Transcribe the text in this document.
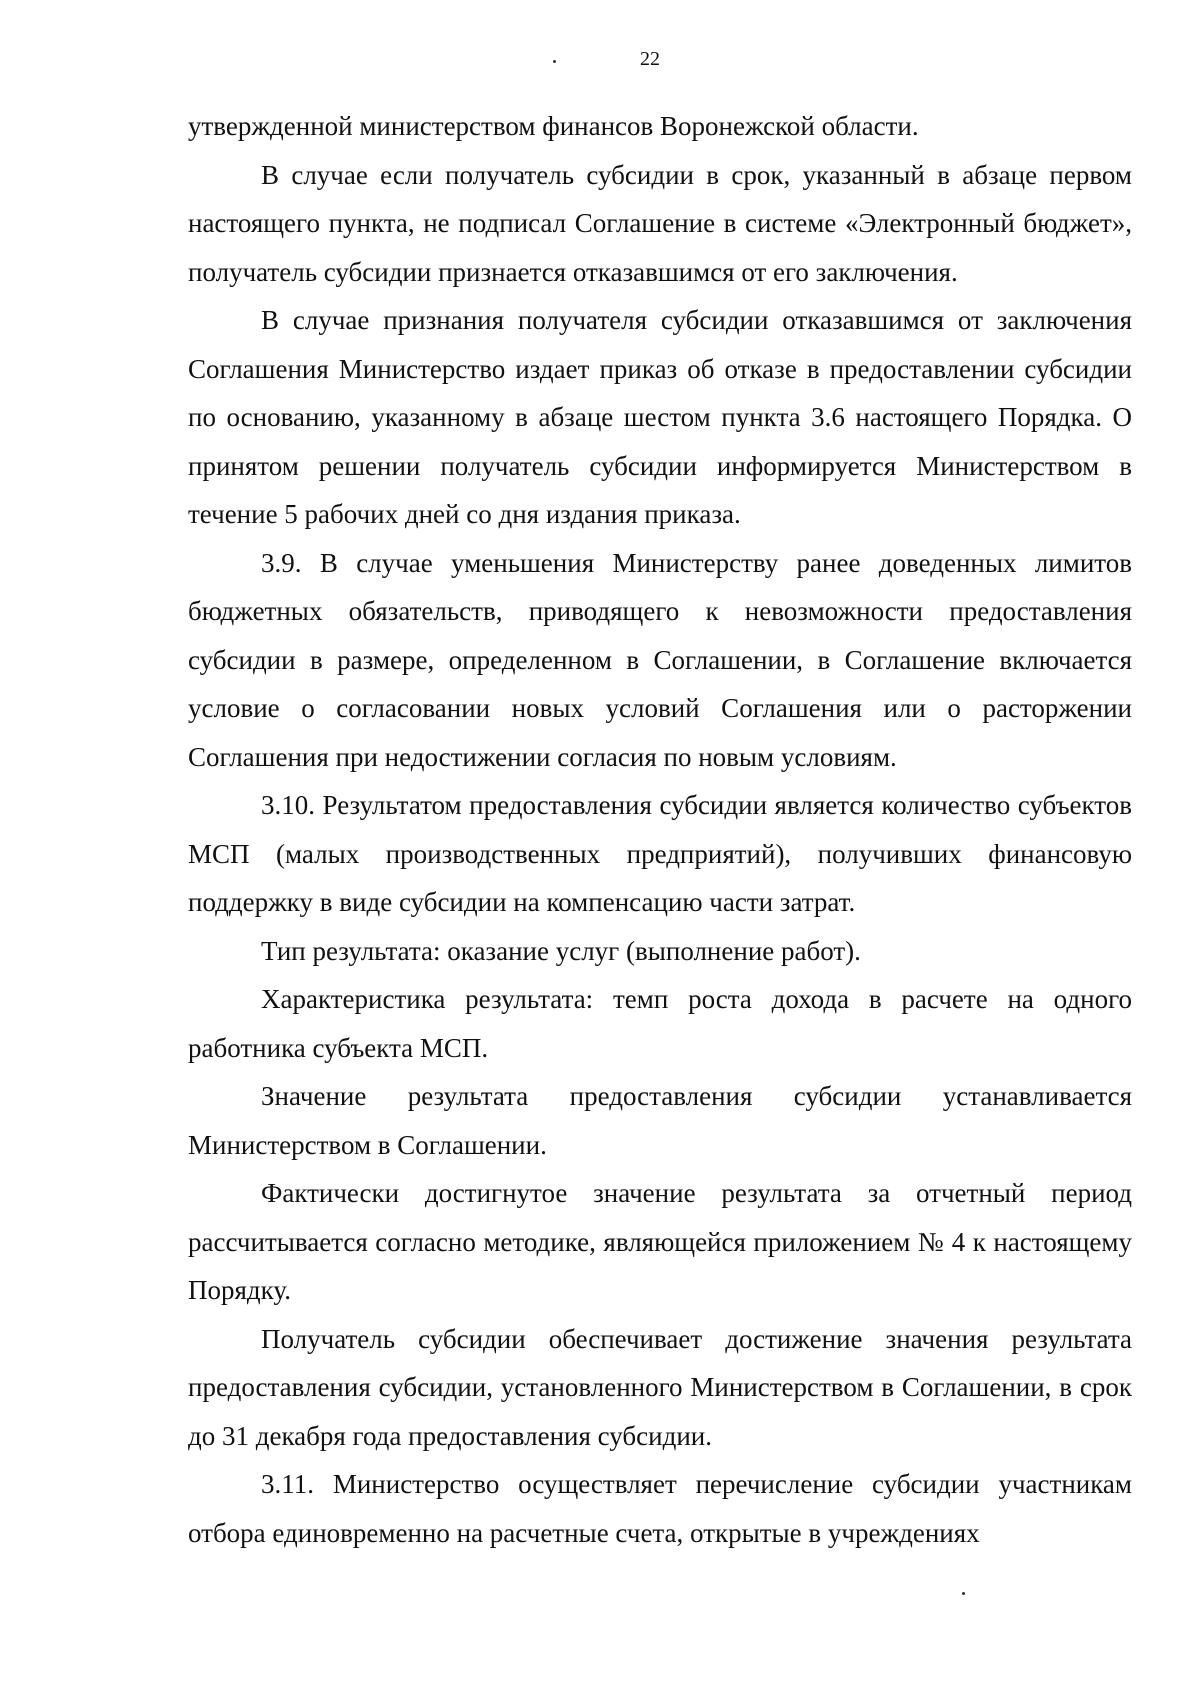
22

утвержденной министерством финансов Воронежской области.

В случае если получатель субсидии в срок, указанный в абзаце первом настоящего пункта, не подписал Соглашение в системе «Электронный бюджет», получатель субсидии признается отказавшимся от его заключения.

В случае признания получателя субсидии отказавшимся от заключения Соглашения Министерство издает приказ об отказе в предоставлении субсидии по основанию, указанному в абзаце шестом пункта 3.6 настоящего Порядка. О принятом решении получатель субсидии информируется Министерством в течение 5 рабочих дней со дня издания приказа.

3.9. В случае уменьшения Министерству ранее доведенных лимитов бюджетных обязательств, приводящего к невозможности предоставления субсидии в размере, определенном в Соглашении, в Соглашение включается условие о согласовании новых условий Соглашения или о расторжении Соглашения при недостижении согласия по новым условиям.

3.10. Результатом предоставления субсидии является количество субъектов МСП (малых производственных предприятий), получивших финансовую поддержку в виде субсидии на компенсацию части затрат.

Тип результата: оказание услуг (выполнение работ).

Характеристика результата: темп роста дохода в расчете на одного работника субъекта МСП.

Значение результата предоставления субсидии устанавливается Министерством в Соглашении.

Фактически достигнутое значение результата за отчетный период рассчитывается согласно методике, являющейся приложением № 4 к настоящему Порядку.

Получатель субсидии обеспечивает достижение значения результата предоставления субсидии, установленного Министерством в Соглашении, в срок до 31 декабря года предоставления субсидии.

3.11. Министерство осуществляет перечисление субсидии участникам отбора единовременно на расчетные счета, открытые в учреждениях
